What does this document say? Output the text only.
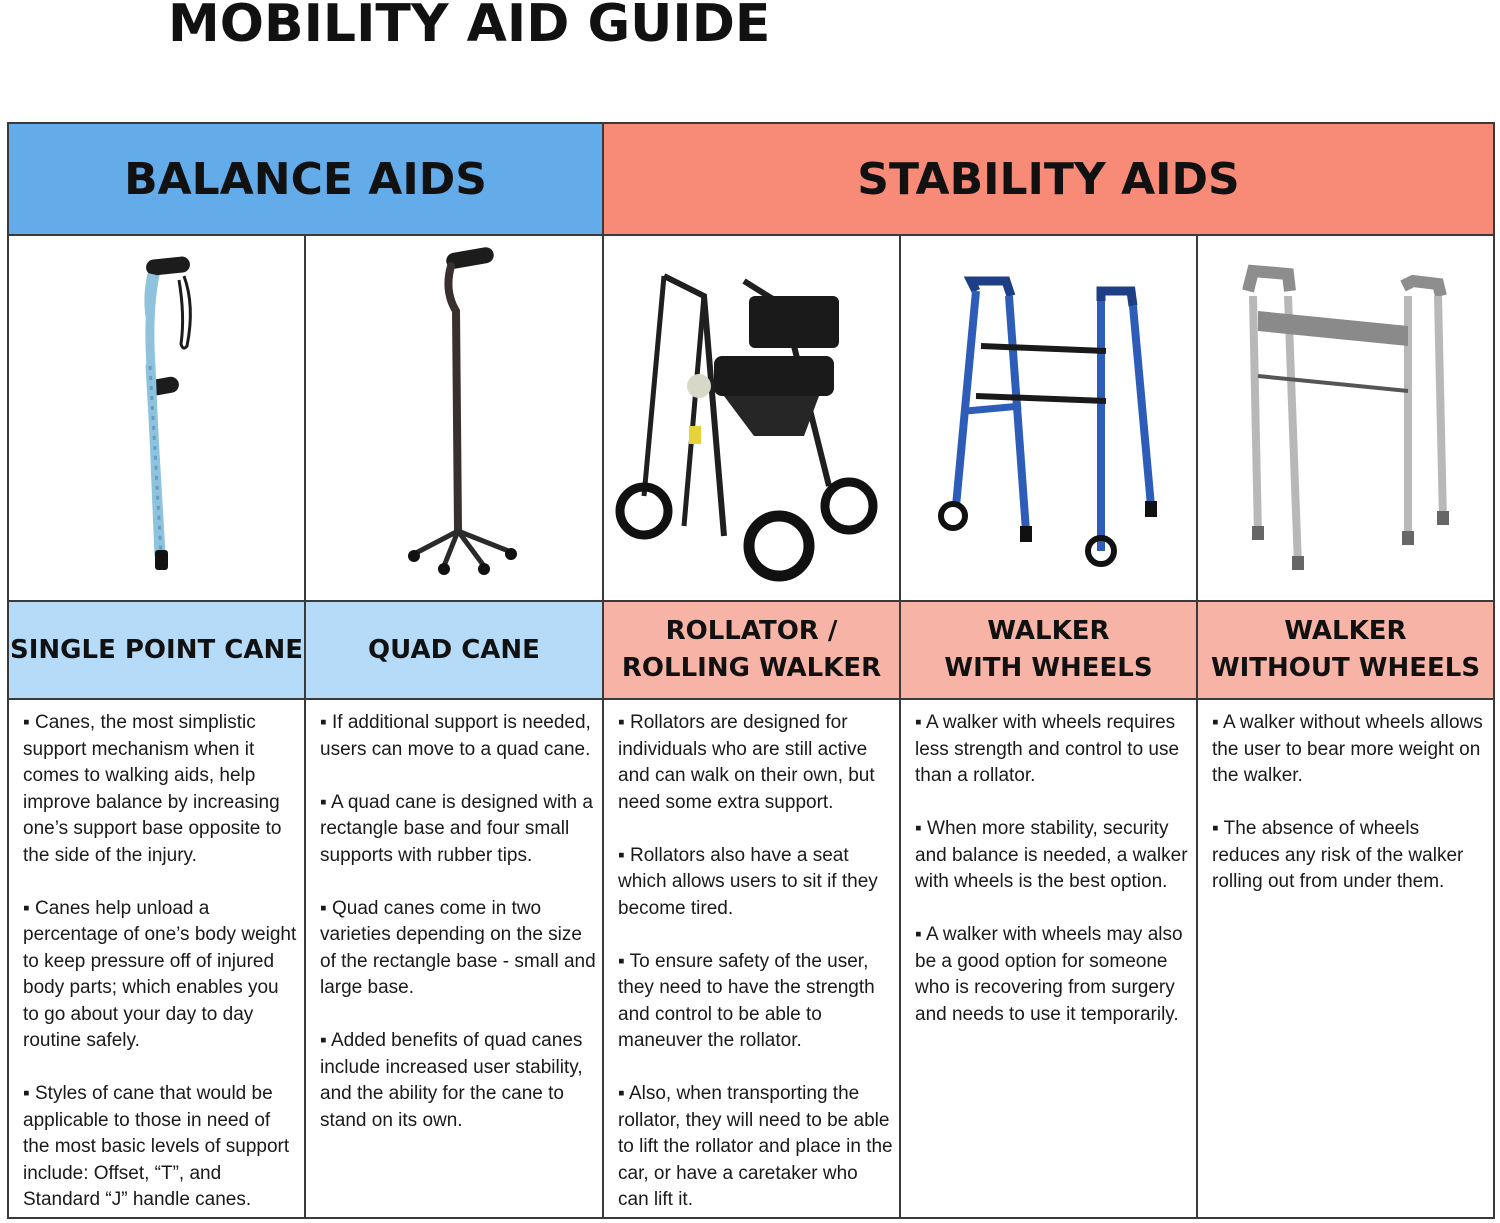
MOBILITY AID GUIDE
BALANCE AIDS	STABILITY AIDS
SINGLE POINT CANE	QUAD CANE
ROLLATOR /
ROLLING WALKER
WALKER
WITH WHEELS
WALKER
WITHOUT WHEELS

▪ Canes, the most simplistic support mechanism when it comes to walking aids, help improve balance by increasing one’s support base opposite to the side of the injury.

▪ Canes help unload a percentage of one’s body weight to keep pressure off of injured body parts; which enables you to go about your day to day routine safely.

▪ Styles of cane that would be applicable to those in need of the most basic levels of support include: Offset, “T”, and Standard “J” handle canes.

▪ If additional support is needed, users can move to a quad cane.

▪ A quad cane is designed with a rectangle base and four small supports with rubber tips.

▪ Quad canes come in two varieties depending on the size of the rectangle base - small and large base.

▪ Added benefits of quad canes include increased user stability, and the ability for the cane to stand on its own.

▪ Rollators are designed for individuals who are still active and can walk on their own, but need some extra support.

▪ Rollators also have a seat which allows users to sit if they become tired.

▪ To ensure safety of the user, they need to have the strength and control to be able to maneuver the rollator.

▪ Also, when transporting the rollator, they will need to be able to lift the rollator and place in the car, or have a caretaker who can lift it.

▪ A walker with wheels requires less strength and control to use than a rollator.

▪ When more stability, security and balance is needed, a walker with wheels is the best option.

▪ A walker with wheels may also be a good option for someone who is recovering from surgery and needs to use it temporarily.

▪ A walker without wheels allows the user to bear more weight on the walker.

▪ The absence of wheels reduces any risk of the walker rolling out from under them.
